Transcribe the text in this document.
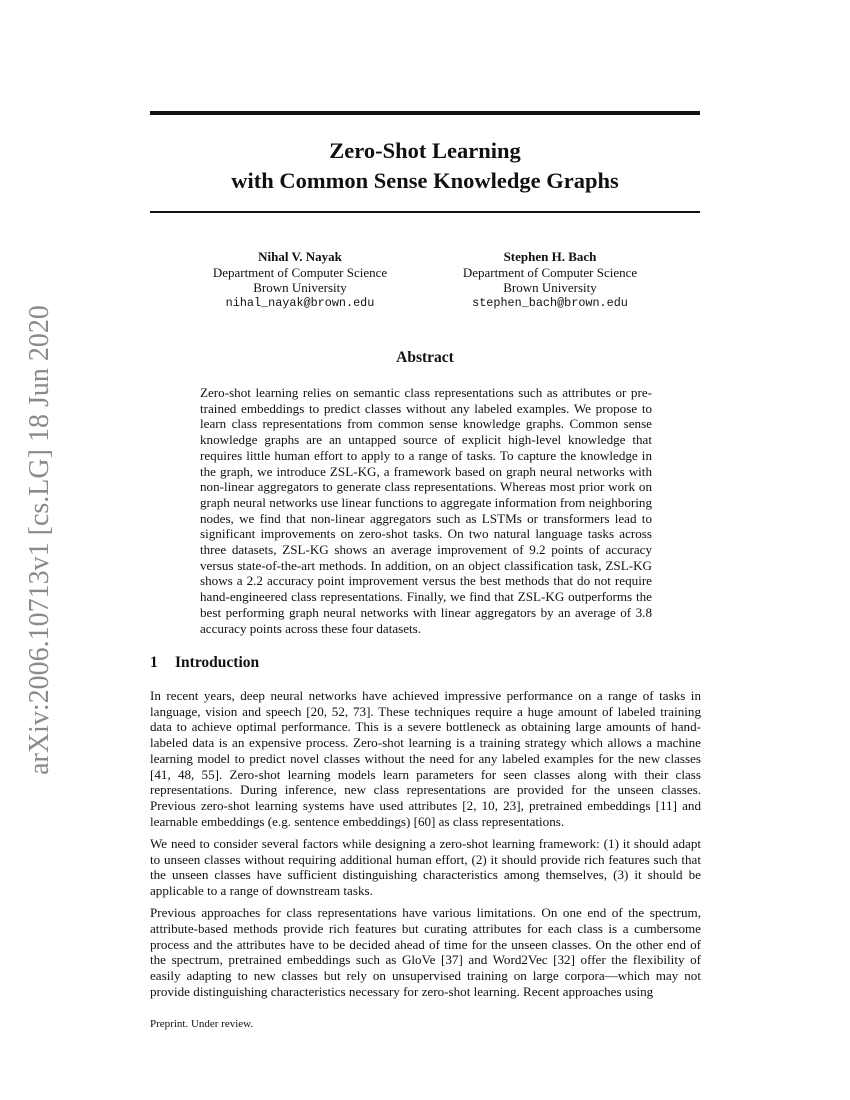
arXiv:2006.10713v1 [cs.LG] 18 Jun 2020
Zero-Shot Learning
with Common Sense Knowledge Graphs
Nihal V. Nayak
Department of Computer Science
Brown University
nihal_nayak@brown.edu
Stephen H. Bach
Department of Computer Science
Brown University
stephen_bach@brown.edu
Abstract
Zero-shot learning relies on semantic class representations such as attributes or pre-trained embeddings to predict classes without any labeled examples. We propose to learn class representations from common sense knowledge graphs. Common sense knowledge graphs are an untapped source of explicit high-level knowledge that requires little human effort to apply to a range of tasks. To capture the knowledge in the graph, we introduce ZSL-KG, a framework based on graph neural networks with non-linear aggregators to generate class representations. Whereas most prior work on graph neural networks use linear functions to aggregate information from neighboring nodes, we find that non-linear aggregators such as LSTMs or transformers lead to significant improvements on zero-shot tasks. On two natural language tasks across three datasets, ZSL-KG shows an average improvement of 9.2 points of accuracy versus state-of-the-art methods. In addition, on an object classification task, ZSL-KG shows a 2.2 accuracy point improvement versus the best methods that do not require hand-engineered class representations. Finally, we find that ZSL-KG outperforms the best performing graph neural networks with linear aggregators by an average of 3.8 accuracy points across these four datasets.
1 Introduction

In recent years, deep neural networks have achieved impressive performance on a range of tasks in language, vision and speech [20, 52, 73]. These techniques require a huge amount of labeled training data to achieve optimal performance. This is a severe bottleneck as obtaining large amounts of hand-labeled data is an expensive process. Zero-shot learning is a training strategy which allows a machine learning model to predict novel classes without the need for any labeled examples for the new classes [41, 48, 55]. Zero-shot learning models learn parameters for seen classes along with their class representations. During inference, new class representations are provided for the unseen classes. Previous zero-shot learning systems have used attributes [2, 10, 23], pretrained embeddings [11] and learnable embeddings (e.g. sentence embeddings) [60] as class representations.

We need to consider several factors while designing a zero-shot learning framework: (1) it should adapt to unseen classes without requiring additional human effort, (2) it should provide rich features such that the unseen classes have sufficient distinguishing characteristics among themselves, (3) it should be applicable to a range of downstream tasks.

Previous approaches for class representations have various limitations. On one end of the spectrum, attribute-based methods provide rich features but curating attributes for each class is a cumbersome process and the attributes have to be decided ahead of time for the unseen classes. On the other end of the spectrum, pretrained embeddings such as GloVe [37] and Word2Vec [32] offer the flexibility of easily adapting to new classes but rely on unsupervised training on large corpora—which may not provide distinguishing characteristics necessary for zero-shot learning. Recent approaches using

Preprint. Under review.
